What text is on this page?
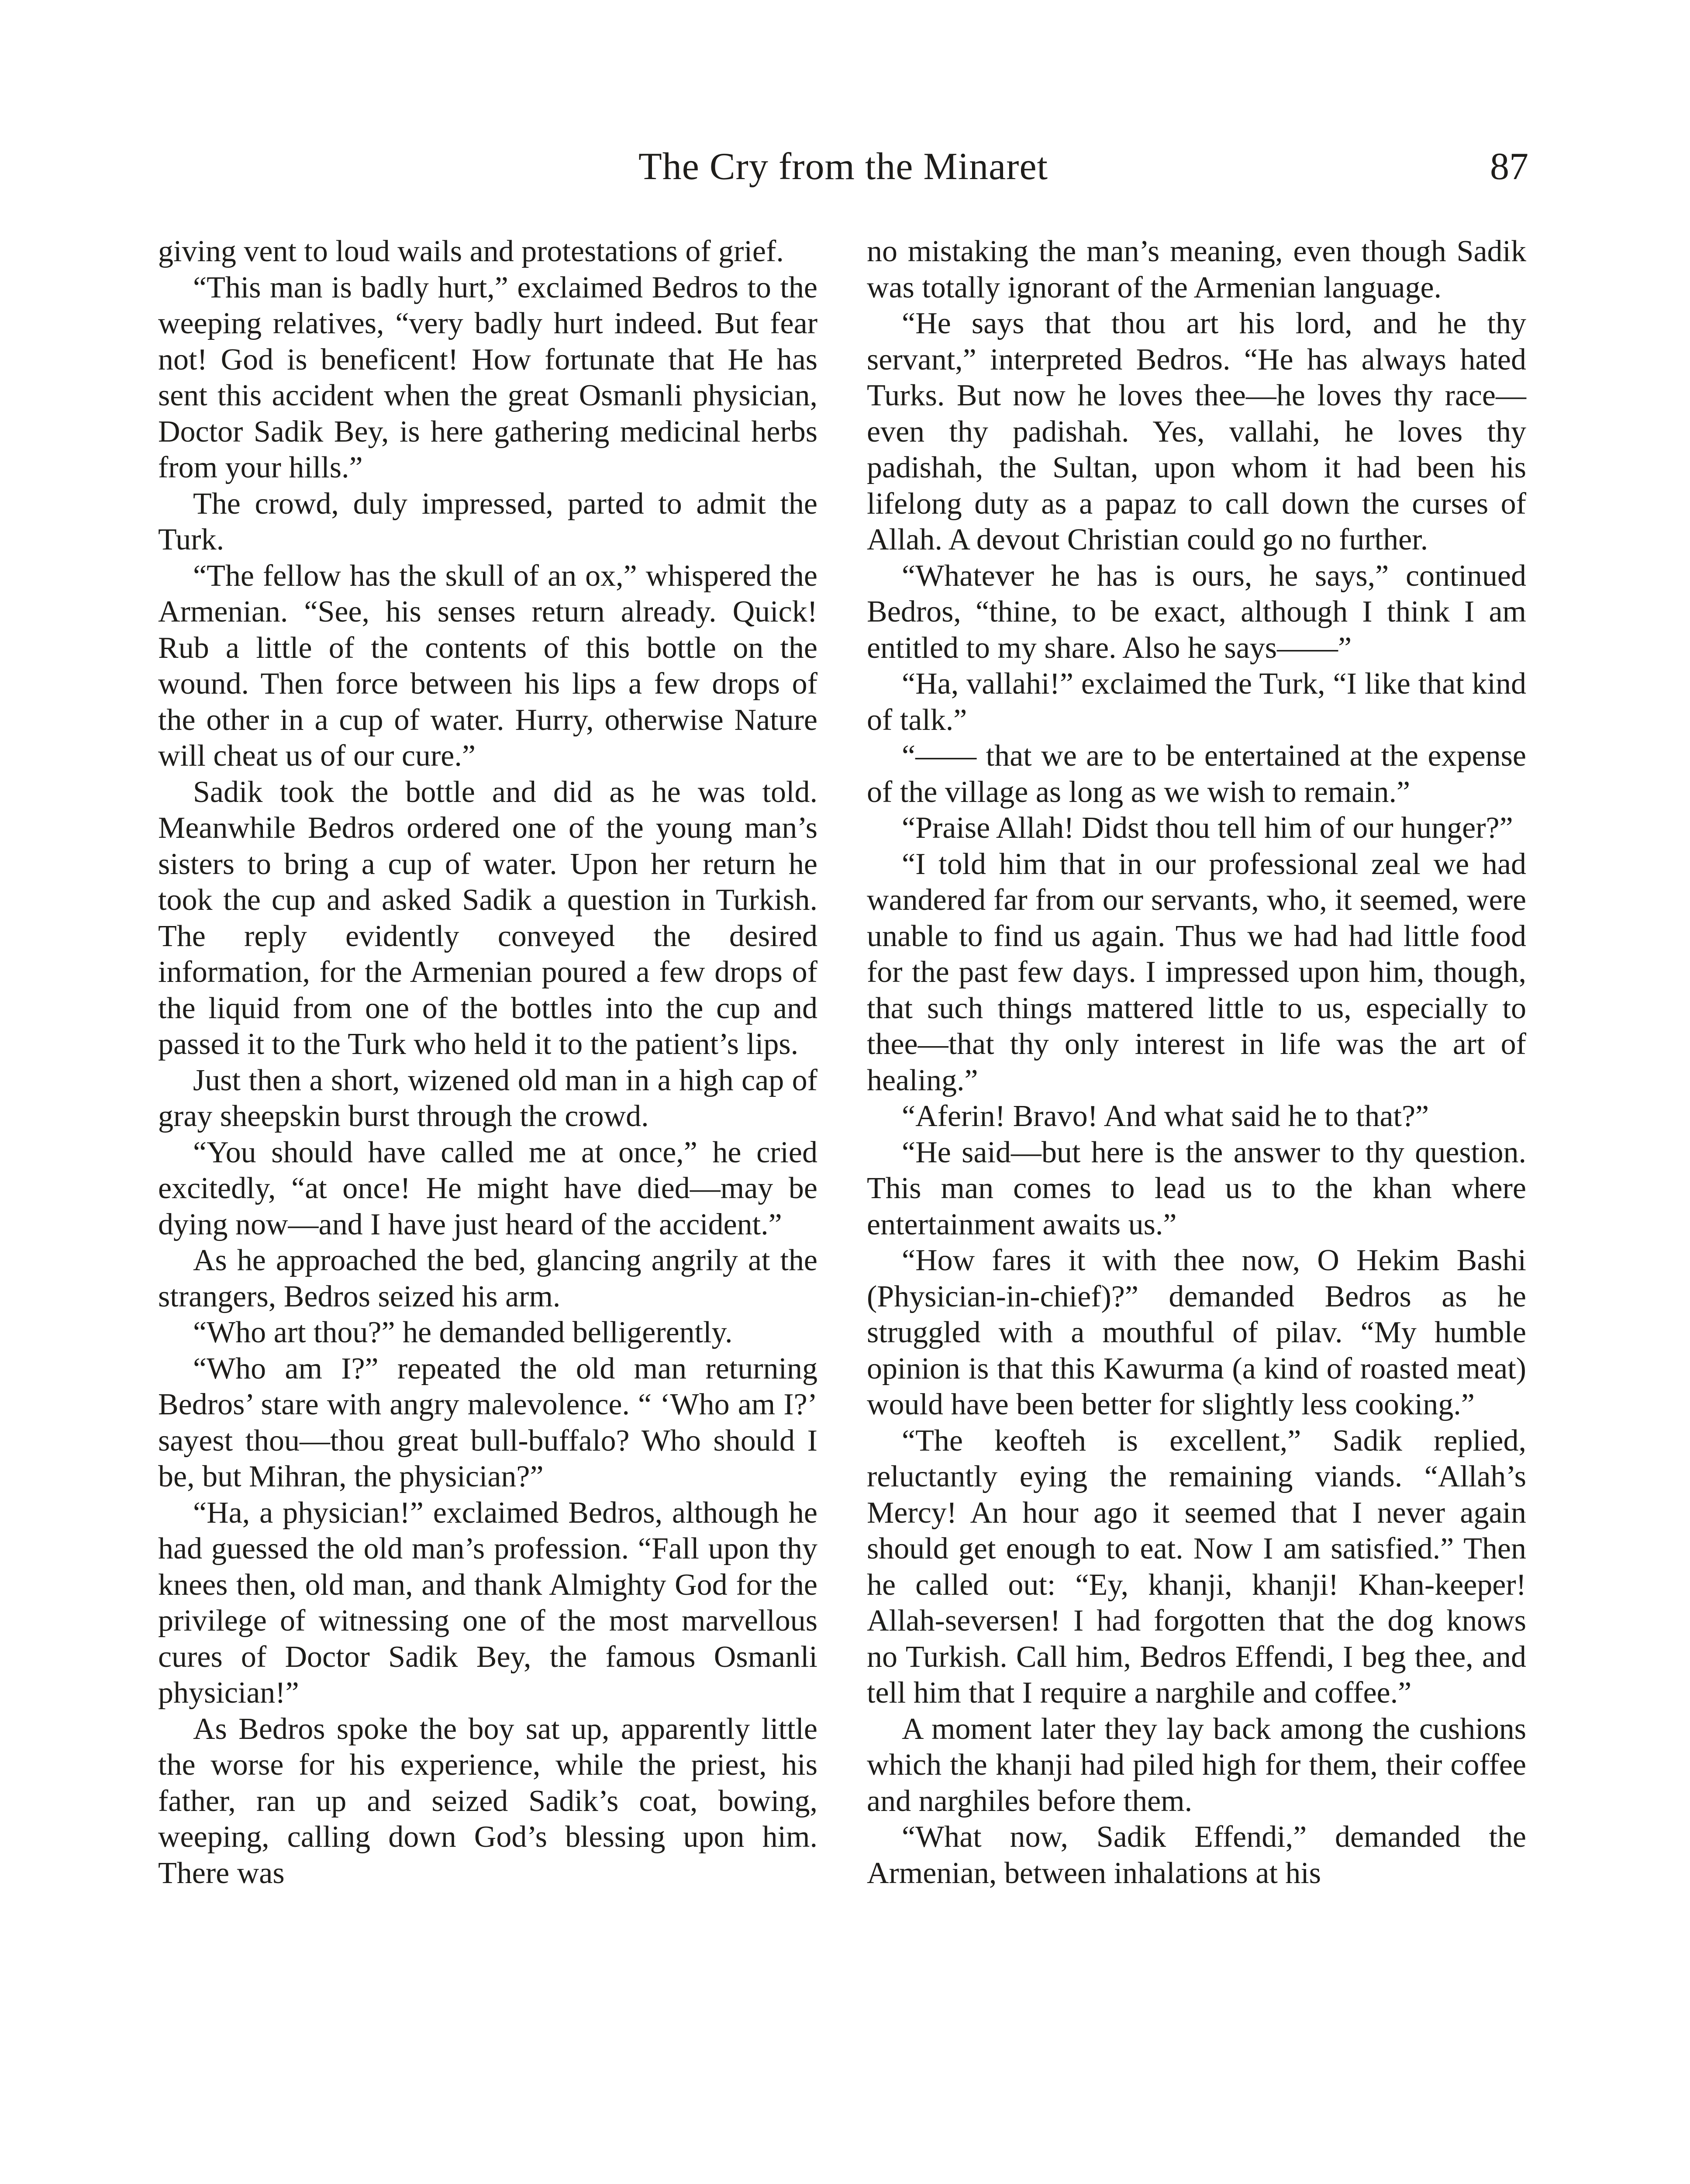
The Cry from the Minaret	87

giving vent to loud wails and protestations of grief.

“This man is badly hurt,” exclaimed Bedros to the weeping relatives, “very badly hurt indeed. But fear not! God is beneficent! How fortunate that He has sent this accident when the great Osmanli physician, Doctor Sadik Bey, is here gathering medicinal herbs from your hills.”

The crowd, duly impressed, parted to admit the Turk.

“The fellow has the skull of an ox,” whispered the Armenian. “See, his senses return already. Quick! Rub a little of the contents of this bottle on the wound. Then force between his lips a few drops of the other in a cup of water. Hurry, otherwise Nature will cheat us of our cure.”

Sadik took the bottle and did as he was told. Meanwhile Bedros ordered one of the young man’s sisters to bring a cup of water. Upon her return he took the cup and asked Sadik a question in Turkish. The reply evidently conveyed the desired information, for the Armenian poured a few drops of the liquid from one of the bottles into the cup and passed it to the Turk who held it to the patient’s lips.

Just then a short, wizened old man in a high cap of gray sheepskin burst through the crowd.

“You should have called me at once,” he cried excitedly, “at once! He might have died—may be dying now—and I have just heard of the accident.”

As he approached the bed, glancing angrily at the strangers, Bedros seized his arm.

“Who art thou?” he demanded belligerently.

“Who am I?” repeated the old man returning Bedros’ stare with angry malevolence. “ ‘Who am I?’ sayest thou—thou great bull-buffalo? Who should I be, but Mihran, the physician?”

“Ha, a physician!” exclaimed Bedros, although he had guessed the old man’s profession. “Fall upon thy knees then, old man, and thank Almighty God for the privilege of witnessing one of the most marvellous cures of Doctor Sadik Bey, the famous Osmanli physician!”

As Bedros spoke the boy sat up, apparently little the worse for his experience, while the priest, his father, ran up and seized Sadik’s coat, bowing, weeping, calling down God’s blessing upon him. There was

no mistaking the man’s meaning, even though Sadik was totally ignorant of the Armenian language.

“He says that thou art his lord, and he thy servant,” interpreted Bedros. “He has always hated Turks. But now he loves thee—he loves thy race—even thy padishah. Yes, vallahi, he loves thy padishah, the Sultan, upon whom it had been his lifelong duty as a papaz to call down the curses of Allah. A devout Christian could go no further.

“Whatever he has is ours, he says,” continued Bedros, “thine, to be exact, although I think I am entitled to my share. Also he says——”

“Ha, vallahi!” exclaimed the Turk, “I like that kind of talk.”

“—— that we are to be entertained at the expense of the village as long as we wish to remain.”

“Praise Allah! Didst thou tell him of our hunger?”

“I told him that in our professional zeal we had wandered far from our servants, who, it seemed, were unable to find us again. Thus we had had little food for the past few days. I impressed upon him, though, that such things mattered little to us, especially to thee—that thy only interest in life was the art of healing.”

“Aferin! Bravo! And what said he to that?”

“He said—but here is the answer to thy question. This man comes to lead us to the khan where entertainment awaits us.”

“How fares it with thee now, O Hekim Bashi (Physician-in-chief)?” demanded Bedros as he struggled with a mouthful of pilav. “My humble opinion is that this Kawurma (a kind of roasted meat) would have been better for slightly less cooking.”

“The keofteh is excellent,” Sadik replied, reluctantly eying the remaining viands. “Allah’s Mercy! An hour ago it seemed that I never again should get enough to eat. Now I am satisfied.” Then he called out: “Ey, khanji, khanji! Khan-keeper! Allah-seversen! I had forgotten that the dog knows no Turkish. Call him, Bedros Effendi, I beg thee, and tell him that I require a narghile and coffee.”

A moment later they lay back among the cushions which the khanji had piled high for them, their coffee and narghiles before them.

“What now, Sadik Effendi,” demanded the Armenian, between inhalations at his
